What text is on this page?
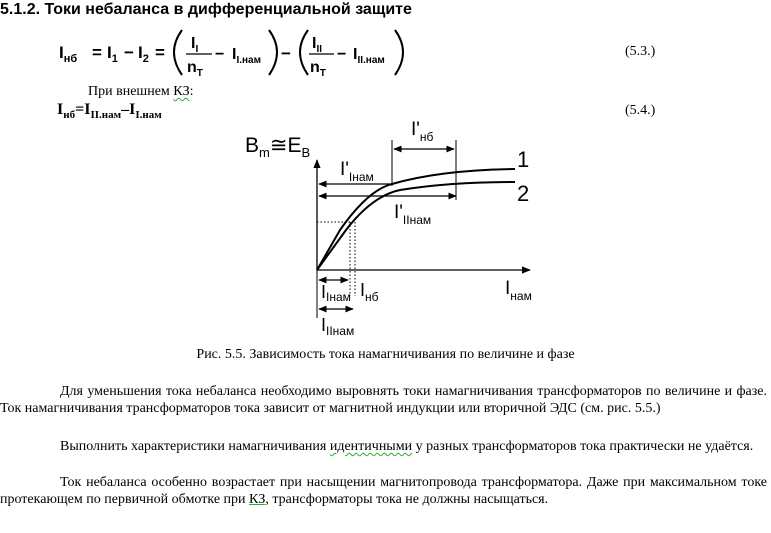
5.1.2. Токи небаланса в дифференциальной защите
$I_{нб} = I_1 - I_2 = I_I$
$n_T$
− $I_{I.нам}$ −
$I_{II}$
$n_T$
− $I_{II.нам}$
(5.3.)
При внешнем КЗ:
$I_{нб}=I_{II.нам}-I_{I.нам}$	(5.4.)
$B_m≅E_B$	1
2
$I'_{нб}$
$I'_{Iнам}$
$I'_{IIнам}$
$I_{нам}$
IIнам $I_{нб}$
$I_{IIнам}$
Рис. 5.5. Зависимость тока намагничивания по величине и фазе
Для уменьшения тока небаланса необходимо выровнять токи намагничивания трансформаторов по величине и фазе. Ток намагничивания трансформаторов тока зависит от магнитной индукции или вторичной ЭДС (см. рис. 5.5.)
Выполнить характеристики намагничивания идентичными у разных трансформаторов тока практически не удаётся.
Ток небаланса особенно возрастает при насыщении магнитопровода трансформатора. Даже при максимальном токе протекающем по первичной обмотке при КЗ, трансформаторы тока не должны насыщаться.
